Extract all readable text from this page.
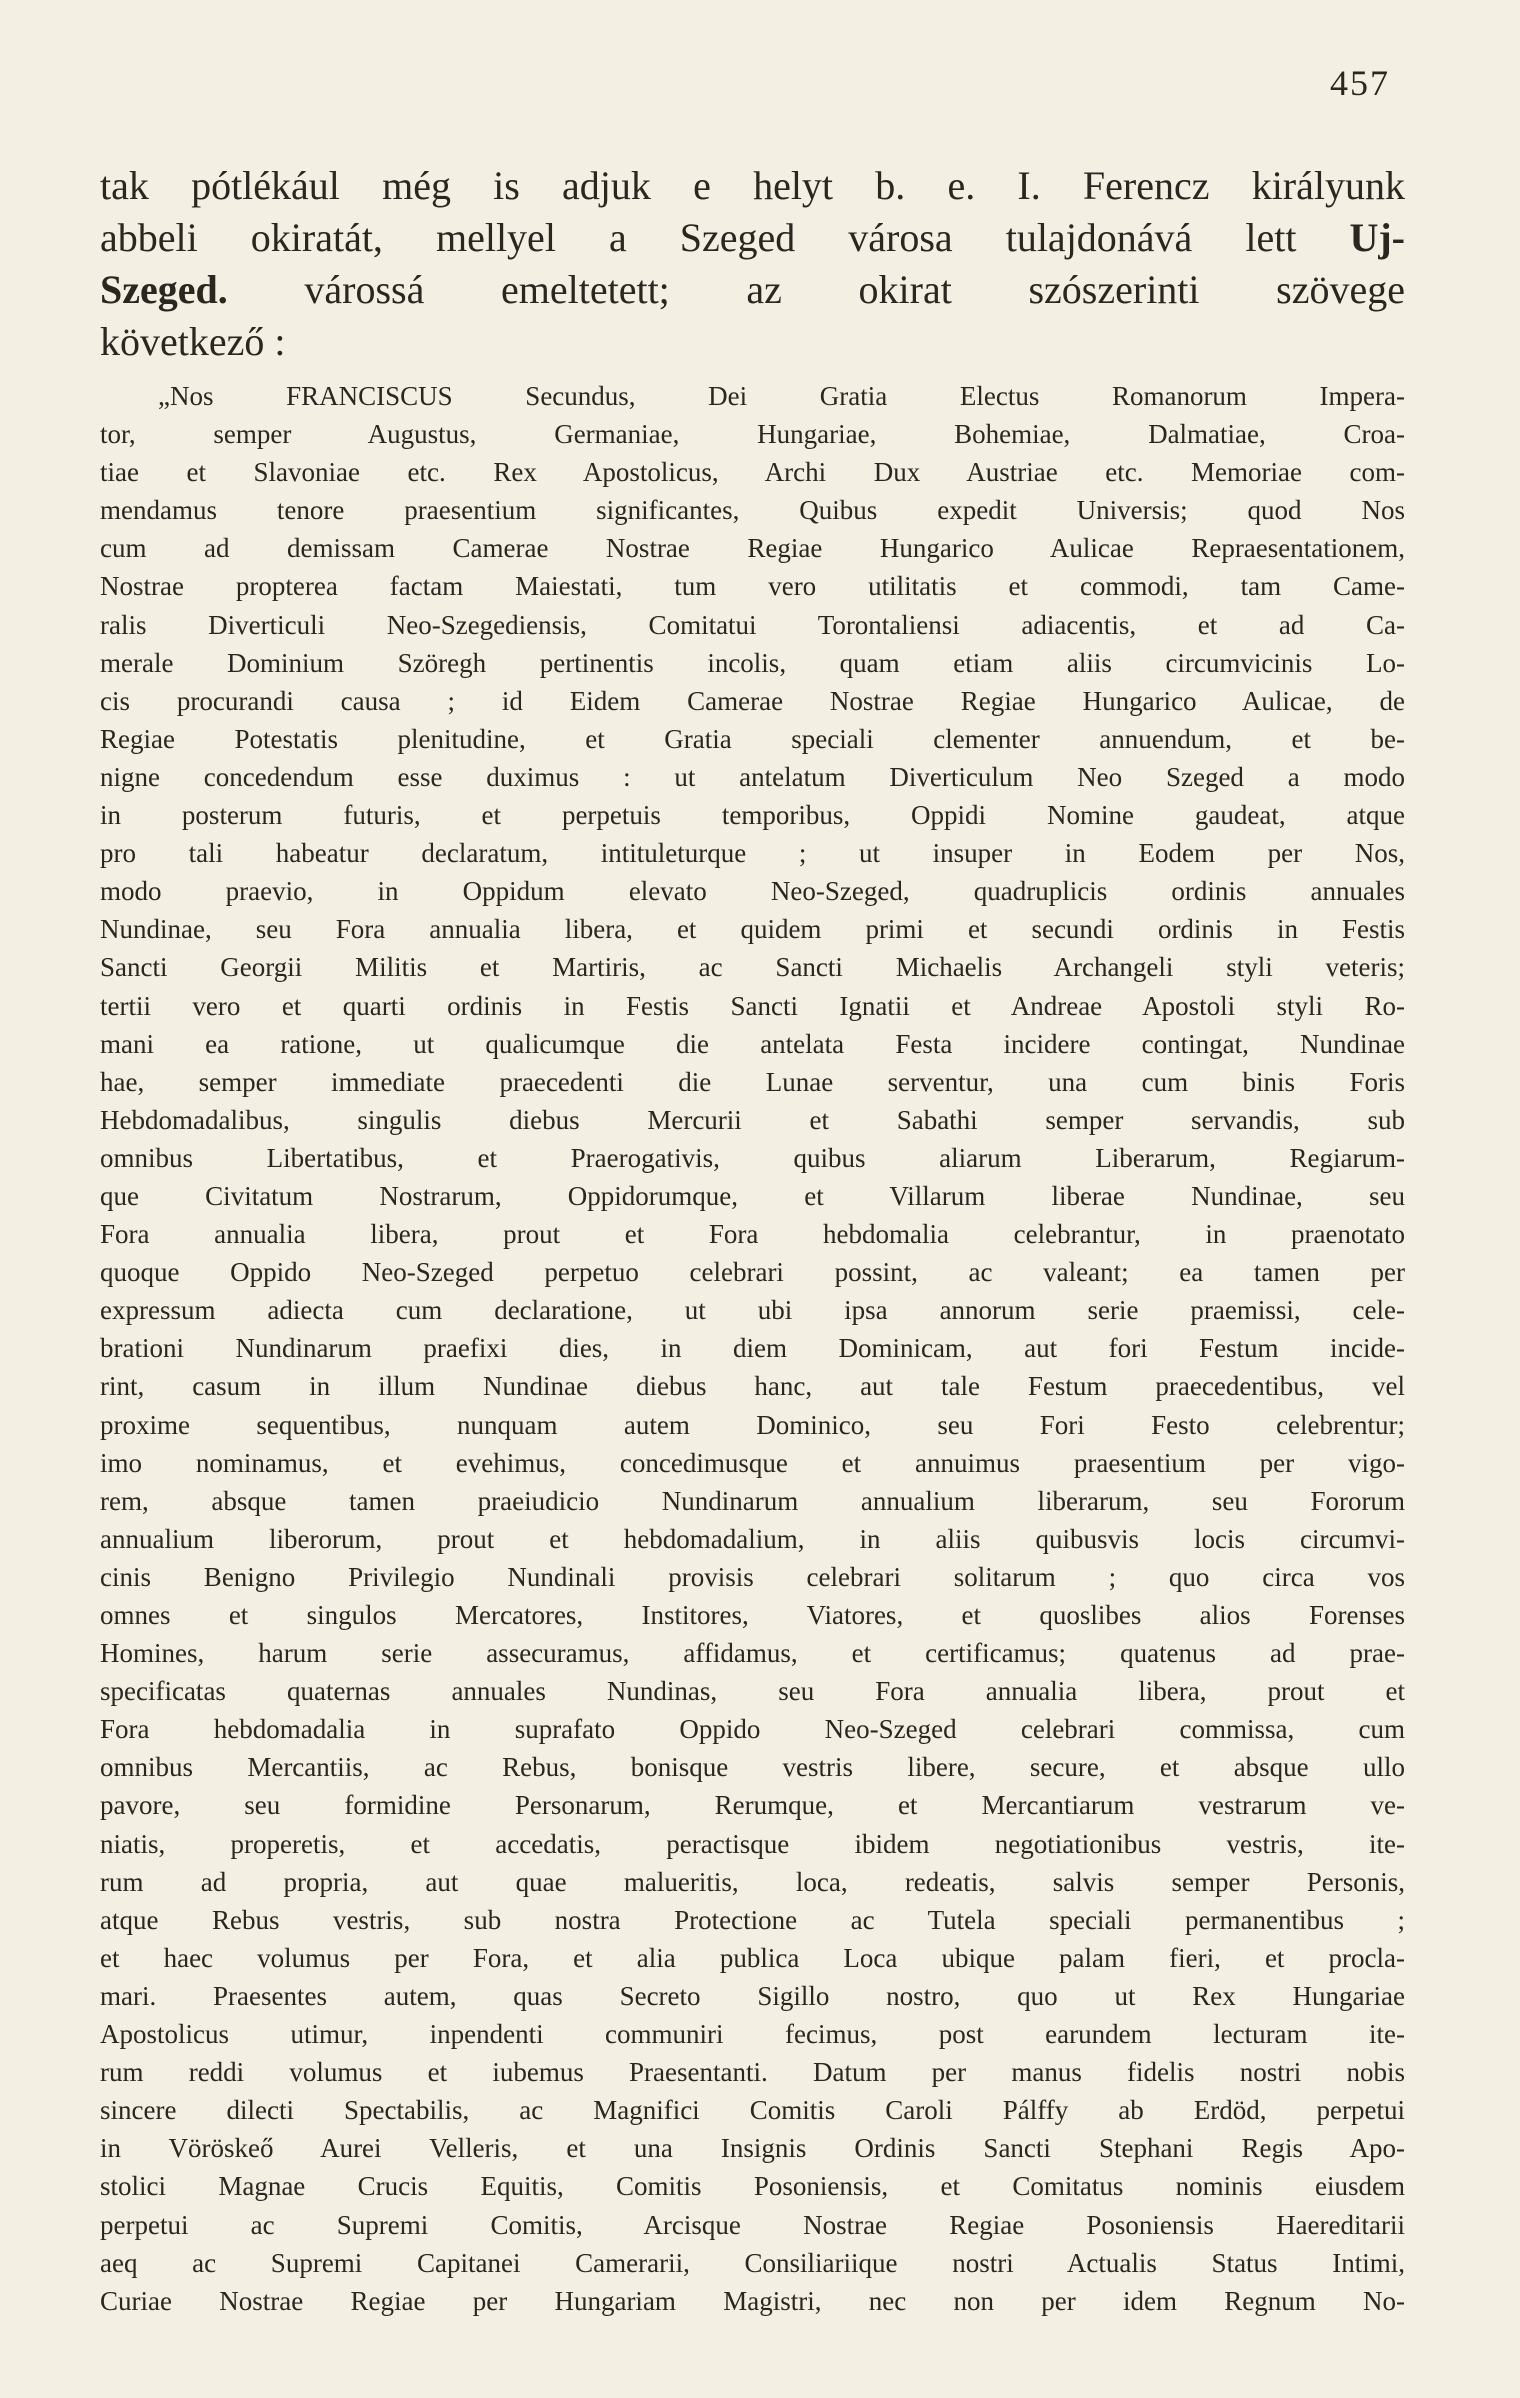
457
tak pótlékául még is adjuk e helyt b. e. I. Ferencz királyunk
abbeli okiratát, mellyel a Szeged városa tulajdonává lett Uj-
Szeged. várossá emeltetett; az okirat szószerinti szövege
következő :
„Nos FRANCISCUS Secundus, Dei Gratia Electus Romanorum Impera-
tor, semper Augustus, Germaniae, Hungariae, Bohemiae, Dalmatiae, Croa-
tiae et Slavoniae etc. Rex Apostolicus, Archi Dux Austriae etc. Memoriae com-
mendamus tenore praesentium significantes, Quibus expedit Universis; quod Nos
cum ad demissam Camerae Nostrae Regiae Hungarico Aulicae Repraesentationem,
Nostrae propterea factam Maiestati, tum vero utilitatis et commodi, tam Came-
ralis Diverticuli Neo-Szegediensis, Comitatui Torontaliensi adiacentis, et ad Ca-
merale Dominium Szöregh pertinentis incolis, quam etiam aliis circumvicinis Lo-
cis procurandi causa ; id Eidem Camerae Nostrae Regiae Hungarico Aulicae, de
Regiae Potestatis plenitudine, et Gratia speciali clementer annuendum, et be-
nigne concedendum esse duximus : ut antelatum Diverticulum Neo Szeged a modo
in posterum futuris, et perpetuis temporibus, Oppidi Nomine gaudeat, atque
pro tali habeatur declaratum, intituleturque ; ut insuper in Eodem per Nos,
modo praevio, in Oppidum elevato Neo-Szeged, quadruplicis ordinis annuales
Nundinae, seu Fora annualia libera, et quidem primi et secundi ordinis in Festis
Sancti Georgii Militis et Martiris, ac Sancti Michaelis Archangeli styli veteris;
tertii vero et quarti ordinis in Festis Sancti Ignatii et Andreae Apostoli styli Ro-
mani ea ratione, ut qualicumque die antelata Festa incidere contingat, Nundinae
hae, semper immediate praecedenti die Lunae serventur, una cum binis Foris
Hebdomadalibus, singulis diebus Mercurii et Sabathi semper servandis, sub
omnibus Libertatibus, et Praerogativis, quibus aliarum Liberarum, Regiarum-
que Civitatum Nostrarum, Oppidorumque, et Villarum liberae Nundinae, seu
Fora annualia libera, prout et Fora hebdomalia celebrantur, in praenotato
quoque Oppido Neo-Szeged perpetuo celebrari possint, ac valeant; ea tamen per
expressum adiecta cum declaratione, ut ubi ipsa annorum serie praemissi, cele-
brationi Nundinarum praefixi dies, in diem Dominicam, aut fori Festum incide-
rint, casum in illum Nundinae diebus hanc, aut tale Festum praecedentibus, vel
proxime sequentibus, nunquam autem Dominico, seu Fori Festo celebrentur;
imo nominamus, et evehimus, concedimusque et annuimus praesentium per vigo-
rem, absque tamen praeiudicio Nundinarum annualium liberarum, seu Fororum
annualium liberorum, prout et hebdomadalium, in aliis quibusvis locis circumvi-
cinis Benigno Privilegio Nundinali provisis celebrari solitarum ; quo circa vos
omnes et singulos Mercatores, Institores, Viatores, et quoslibes alios Forenses
Homines, harum serie assecuramus, affidamus, et certificamus; quatenus ad prae-
specificatas quaternas annuales Nundinas, seu Fora annualia libera, prout et
Fora hebdomadalia in suprafato Oppido Neo-Szeged celebrari commissa, cum
omnibus Mercantiis, ac Rebus, bonisque vestris libere, secure, et absque ullo
pavore, seu formidine Personarum, Rerumque, et Mercantiarum vestrarum ve-
niatis, properetis, et accedatis, peractisque ibidem negotiationibus vestris, ite-
rum ad propria, aut quae malueritis, loca, redeatis, salvis semper Personis,
atque Rebus vestris, sub nostra Protectione ac Tutela speciali permanentibus ;
et haec volumus per Fora, et alia publica Loca ubique palam fieri, et procla-
mari. Praesentes autem, quas Secreto Sigillo nostro, quo ut Rex Hungariae
Apostolicus utimur, inpendenti communiri fecimus, post earundem lecturam ite-
rum reddi volumus et iubemus Praesentanti. Datum per manus fidelis nostri nobis
sincere dilecti Spectabilis, ac Magnifici Comitis Caroli Pálffy ab Erdöd, perpetui
in Vöröskeő Aurei Velleris, et una Insignis Ordinis Sancti Stephani Regis Apo-
stolici Magnae Crucis Equitis, Comitis Posoniensis, et Comitatus nominis eiusdem
perpetui ac Supremi Comitis, Arcisque Nostrae Regiae Posoniensis Haereditarii
aeq ac Supremi Capitanei Camerarii, Consiliariique nostri Actualis Status Intimi,
Curiae Nostrae Regiae per Hungariam Magistri, nec non per idem Regnum No-
